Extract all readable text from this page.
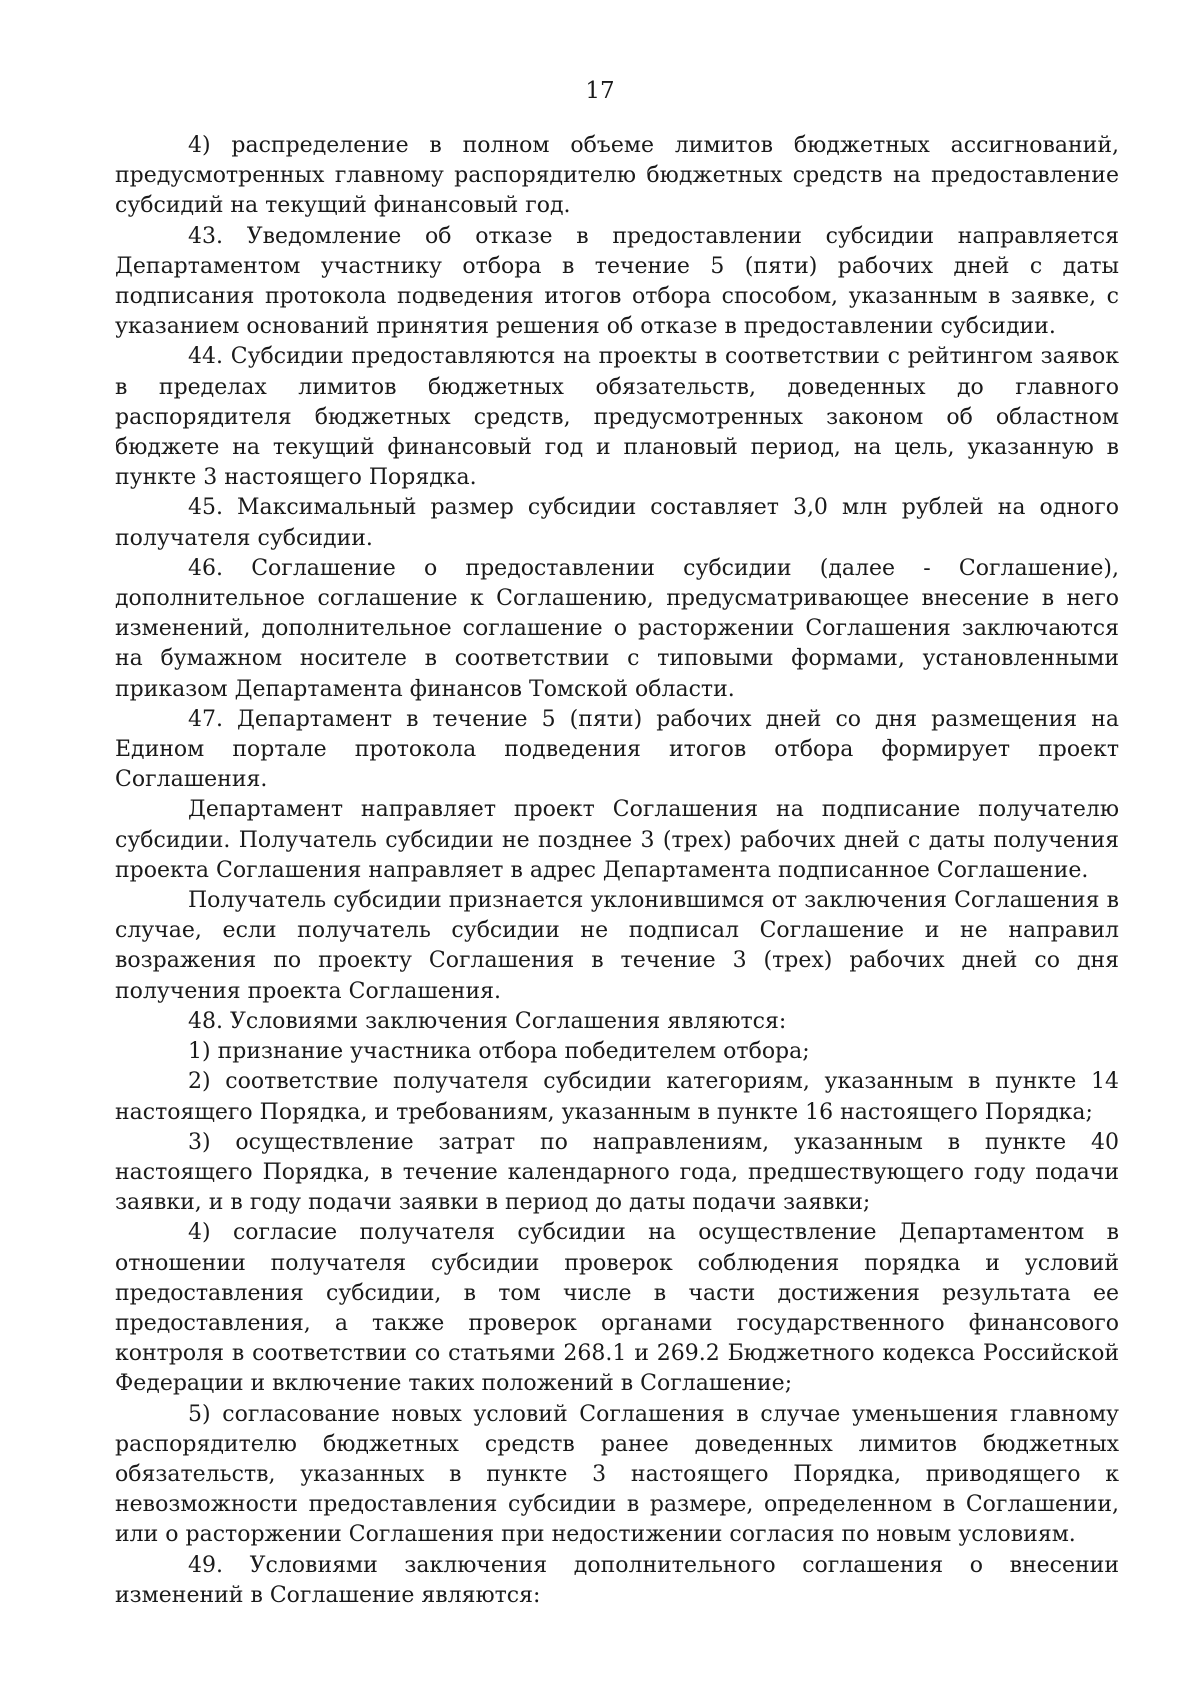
17

4) распределение в полном объеме лимитов бюджетных ассигнований, предусмотренных главному распорядителю бюджетных средств на предоставление субсидий на текущий финансовый год.

43. Уведомление об отказе в предоставлении субсидии направляется Департаментом участнику отбора в течение 5 (пяти) рабочих дней с даты подписания протокола подведения итогов отбора способом, указанным в заявке, с указанием оснований принятия решения об отказе в предоставлении субсидии.

44. Субсидии предоставляются на проекты в соответствии с рейтингом заявок в пределах лимитов бюджетных обязательств, доведенных до главного распорядителя бюджетных средств, предусмотренных законом об областном бюджете на текущий финансовый год и плановый период, на цель, указанную в пункте 3 настоящего Порядка.

45. Максимальный размер субсидии составляет 3,0 млн рублей на одного получателя субсидии.

46. Соглашение о предоставлении субсидии (далее - Соглашение), дополнительное соглашение к Соглашению, предусматривающее внесение в него изменений, дополнительное соглашение о расторжении Соглашения заключаются на бумажном носителе в соответствии с типовыми формами, установленными приказом Департамента финансов Томской области.

47. Департамент в течение 5 (пяти) рабочих дней со дня размещения на Едином портале протокола подведения итогов отбора формирует проект Соглашения.

Департамент направляет проект Соглашения на подписание получателю субсидии. Получатель субсидии не позднее 3 (трех) рабочих дней с даты получения проекта Соглашения направляет в адрес Департамента подписанное Соглашение.

Получатель субсидии признается уклонившимся от заключения Соглашения в случае, если получатель субсидии не подписал Соглашение и не направил возражения по проекту Соглашения в течение 3 (трех) рабочих дней со дня получения проекта Соглашения.

48. Условиями заключения Соглашения являются:

1) признание участника отбора победителем отбора;

2) соответствие получателя субсидии категориям, указанным в пункте 14 настоящего Порядка, и требованиям, указанным в пункте 16 настоящего Порядка;

3) осуществление затрат по направлениям, указанным в пункте 40 настоящего Порядка, в течение календарного года, предшествующего году подачи заявки, и в году подачи заявки в период до даты подачи заявки;

4) согласие получателя субсидии на осуществление Департаментом в отношении получателя субсидии проверок соблюдения порядка и условий предоставления субсидии, в том числе в части достижения результата ее предоставления, а также проверок органами государственного финансового контроля в соответствии со статьями 268.1 и 269.2 Бюджетного кодекса Российской Федерации и включение таких положений в Соглашение;

5) согласование новых условий Соглашения в случае уменьшения главному распорядителю бюджетных средств ранее доведенных лимитов бюджетных обязательств, указанных в пункте 3 настоящего Порядка, приводящего к невозможности предоставления субсидии в размере, определенном в Соглашении, или о расторжении Соглашения при недостижении согласия по новым условиям.

49. Условиями заключения дополнительного соглашения о внесении изменений в Соглашение являются:
